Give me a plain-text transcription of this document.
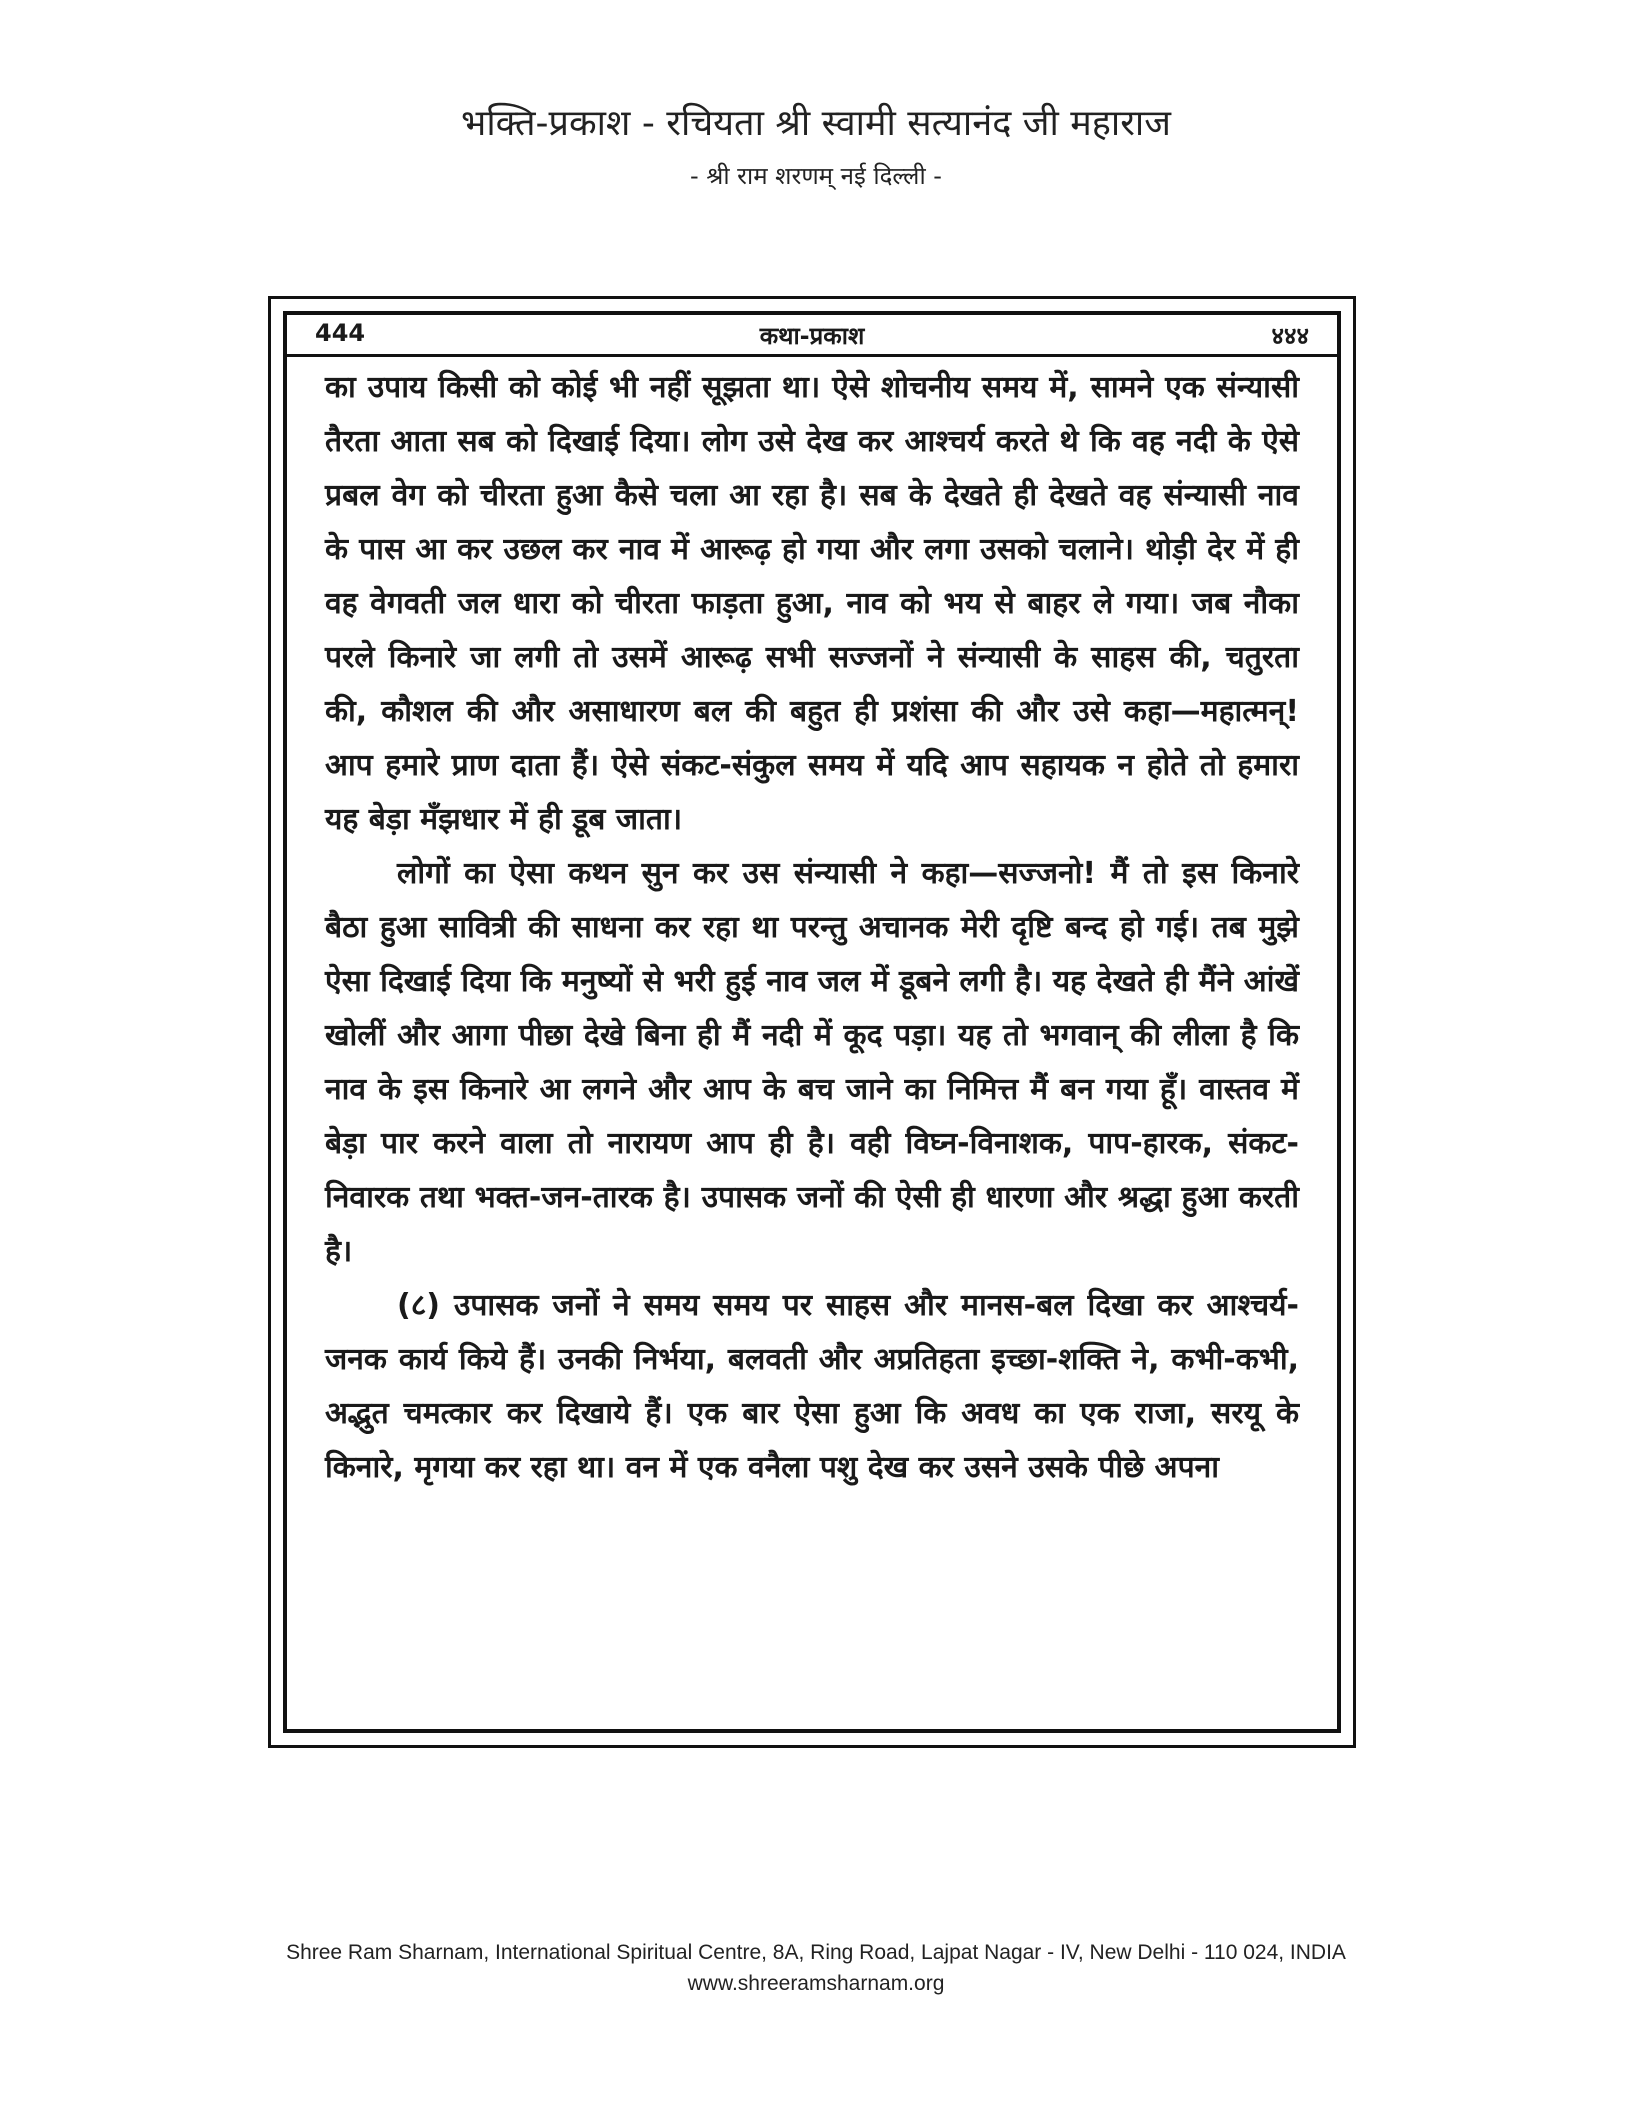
भक्ति-प्रकाश - रचियता श्री स्वामी सत्यानंद जी महाराज
- श्री राम शरणम् नई दिल्ली -
444	कथा-प्रकाश	४४४

का उपाय किसी को कोई भी नहीं सूझता था। ऐसे शोचनीय समय में, सामने एक संन्यासी तैरता आता सब को दिखाई दिया। लोग उसे देख कर आश्चर्य करते थे कि वह नदी के ऐसे प्रबल वेग को चीरता हुआ कैसे चला आ रहा है। सब के देखते ही देखते वह संन्यासी नाव के पास आ कर उछल कर नाव में आरूढ़ हो गया और लगा उसको चलाने। थोड़ी देर में ही वह वेगवती जल धारा को चीरता फाड़ता हुआ, नाव को भय से बाहर ले गया। जब नौका परले किनारे जा लगी तो उसमें आरूढ़ सभी सज्जनों ने संन्यासी के साहस की, चतुरता की, कौशल की और असाधारण बल की बहुत ही प्रशंसा की और उसे कहा—महात्मन्! आप हमारे प्राण दाता हैं। ऐसे संकट-संकुल समय में यदि आप सहायक न होते तो हमारा यह बेड़ा मँझधार में ही डूब जाता।

लोगों का ऐसा कथन सुन कर उस संन्यासी ने कहा—सज्जनो! मैं तो इस किनारे बैठा हुआ सावित्री की साधना कर रहा था परन्तु अचानक मेरी दृष्टि बन्द हो गई। तब मुझे ऐसा दिखाई दिया कि मनुष्यों से भरी हुई नाव जल में डूबने लगी है। यह देखते ही मैंने आंखें खोलीं और आगा पीछा देखे बिना ही मैं नदी में कूद पड़ा। यह तो भगवान् की लीला है कि नाव के इस किनारे आ लगने और आप के बच जाने का निमित्त मैं बन गया हूँ। वास्तव में बेड़ा पार करने वाला तो नारायण आप ही है। वही विघ्न-विनाशक, पाप-हारक, संकट-निवारक तथा भक्त-जन-तारक है। उपासक जनों की ऐसी ही धारणा और श्रद्धा हुआ करती है।

(८) उपासक जनों ने समय समय पर साहस और मानस-बल दिखा कर आश्चर्य-जनक कार्य किये हैं। उनकी निर्भया, बलवती और अप्रतिहता इच्छा-शक्ति ने, कभी-कभी, अद्भुत चमत्कार कर दिखाये हैं। एक बार ऐसा हुआ कि अवध का एक राजा, सरयू के किनारे, मृगया कर रहा था। वन में एक वनैला पशु देख कर उसने उसके पीछे अपना

Shree Ram Sharnam, International Spiritual Centre, 8A, Ring Road, Lajpat Nagar - IV, New Delhi - 110 024, INDIA
www.shreeramsharnam.org
